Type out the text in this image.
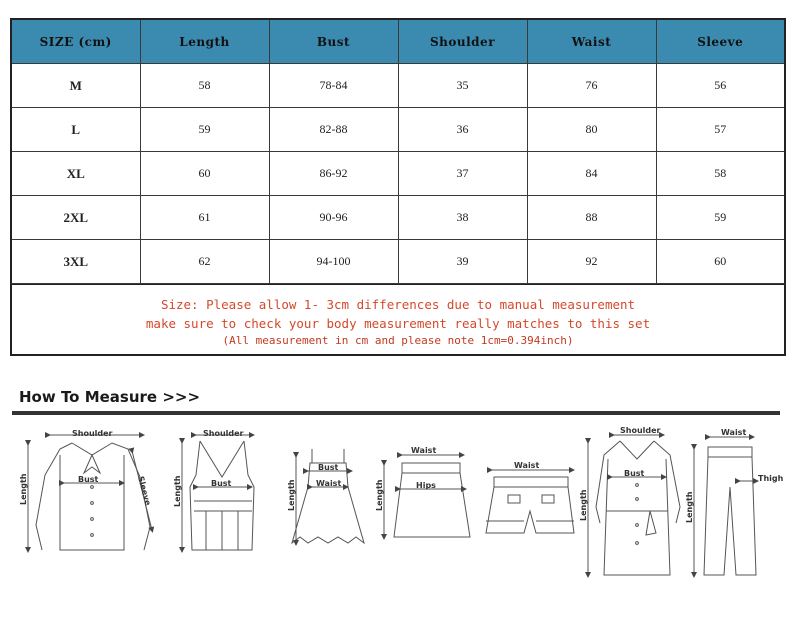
SIZE (cm)	Length	Bust	Shoulder	Waist	Sleeve
M	58	78-84	35	76	56
L	59	82-88	36	80	57
XL	60	86-92	37	84	58
2XL	61	90-96	38	88	59
3XL	62	94-100	39	92	60
Size: Please allow 1- 3cm differences due to manual measurement
make sure to check your body measurement really matches to this set
(All measurement in cm and please note 1cm=0.394inch)
How To Measure >>>
Shoulder
Bust
Length	Sleeve
Shoulder
Bust
Length
Bust
Waist
Length
Waist
Hips
Length
Waist
Shoulder
Bust
Length
Waist
Thigh
Length
